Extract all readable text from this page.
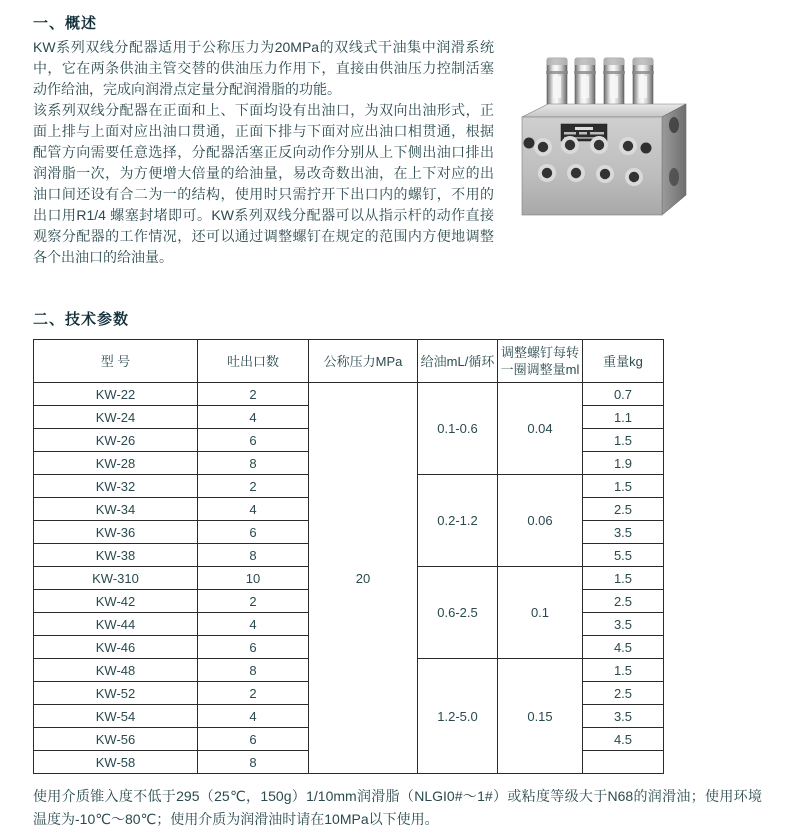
一、概述

KW系列双线分配器适用于公称压力为20MPa的双线式干油集中润滑系统中，它在两条供油主管交替的供油压力作用下，直接由供油压力控制活塞动作给油，完成向润滑点定量分配润滑脂的功能。

该系列双线分配器在正面和上、下面均设有出油口，为双向出油形式，正面上排与上面对应出油口贯通，正面下排与下面对应出油口相贯通，根据配管方向需要任意选择，分配器活塞正反向动作分别从上下侧出油口排出润滑脂一次，为方便增大倍量的给油量，易改奇数出油，在上下对应的出油口间还设有合二为一的结构，使用时只需拧开下出口内的螺钉，不用的出口用R1/4 螺塞封堵即可。KW系列双线分配器可以从指示杆的动作直接观察分配器的工作情况，还可以通过调整螺钉在规定的范围内方便地调整各个出油口的给油量。

二、技术参数
型 号	吐出口数	公称压力MPa	给油mL/循环	调整螺钉每转一圈调整量ml	重量kg
KW-22	2	20	0.1-0.6	0.04	0.7
KW-24	4				1.1
KW-26	6				1.5
KW-28	8				1.9
KW-32	2		0.2-1.2	0.06	1.5
KW-34	4				2.5
KW-36	6				3.5
KW-38	8				5.5
KW-310	10		0.6-2.5	0.1	1.5
KW-42	2				2.5
KW-44	4				3.5
KW-46	6				4.5
KW-48	8		1.2-5.0	0.15	1.5
KW-52	2				2.5
KW-54	4				3.5
KW-56	6				4.5
KW-58	8				

使用介质锥入度不低于295（25℃，150g）1/10mm润滑脂（NLGI0#～1#）或粘度等级大于N68的润滑油；使用环境温度为-10℃～80℃；使用介质为润滑油时请在10MPa以下使用。
